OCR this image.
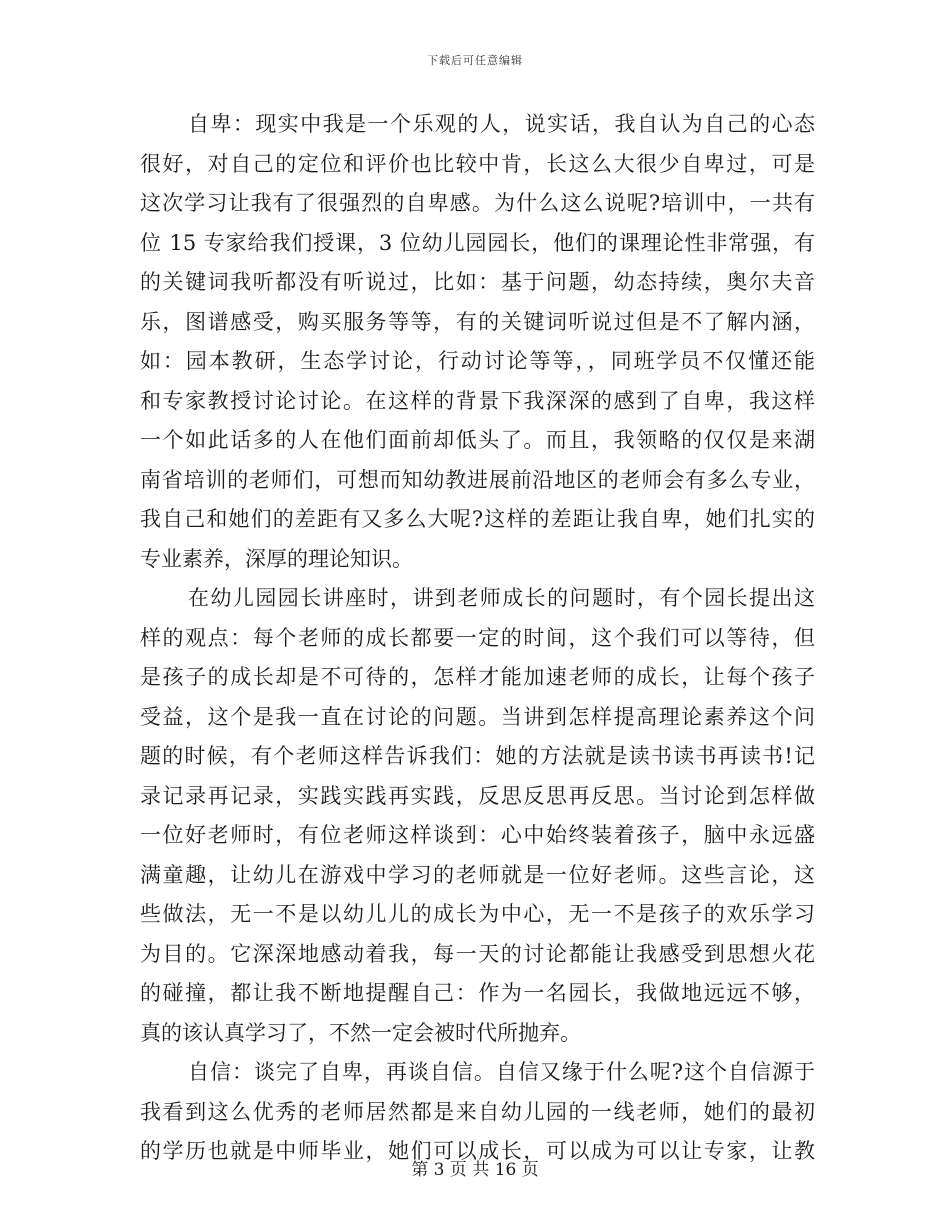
下载后可任意编辑

自卑：现实中我是一个乐观的人，说实话，我自认为自己的心态
很好，对自己的定位和评价也比较中肯，长这么大很少自卑过，可是
这次学习让我有了很强烈的自卑感。为什么这么说呢?培训中，一共有
位 15 专家给我们授课，3 位幼儿园园长，他们的课理论性非常强，有
的关键词我听都没有听说过，比如：基于问题，幼态持续，奥尔夫音
乐，图谱感受，购买服务等等，有的关键词听说过但是不了解内涵，
如：园本教研，生态学讨论，行动讨论等等，，同班学员不仅懂还能
和专家教授讨论讨论。在这样的背景下我深深的感到了自卑，我这样
一个如此话多的人在他们面前却低头了。而且，我领略的仅仅是来湖
南省培训的老师们，可想而知幼教进展前沿地区的老师会有多么专业，
我自己和她们的差距有又多么大呢?这样的差距让我自卑，她们扎实的
专业素养，深厚的理论知识。

在幼儿园园长讲座时，讲到老师成长的问题时，有个园长提出这
样的观点：每个老师的成长都要一定的时间，这个我们可以等待，但
是孩子的成长却是不可待的，怎样才能加速老师的成长，让每个孩子
受益，这个是我一直在讨论的问题。当讲到怎样提高理论素养这个问
题的时候，有个老师这样告诉我们：她的方法就是读书读书再读书!记
录记录再记录，实践实践再实践，反思反思再反思。当讨论到怎样做
一位好老师时，有位老师这样谈到：心中始终装着孩子，脑中永远盛
满童趣，让幼儿在游戏中学习的老师就是一位好老师。这些言论，这
些做法，无一不是以幼儿儿的成长为中心，无一不是孩子的欢乐学习
为目的。它深深地感动着我，每一天的讨论都能让我感受到思想火花
的碰撞，都让我不断地提醒自己：作为一名园长，我做地远远不够，
真的该认真学习了，不然一定会被时代所抛弃。

自信：谈完了自卑，再谈自信。自信又缘于什么呢?这个自信源于
我看到这么优秀的老师居然都是来自幼儿园的一线老师，她们的最初
的学历也就是中师毕业，她们可以成长，可以成为可以让专家，让教

第 3 页 共 16 页
